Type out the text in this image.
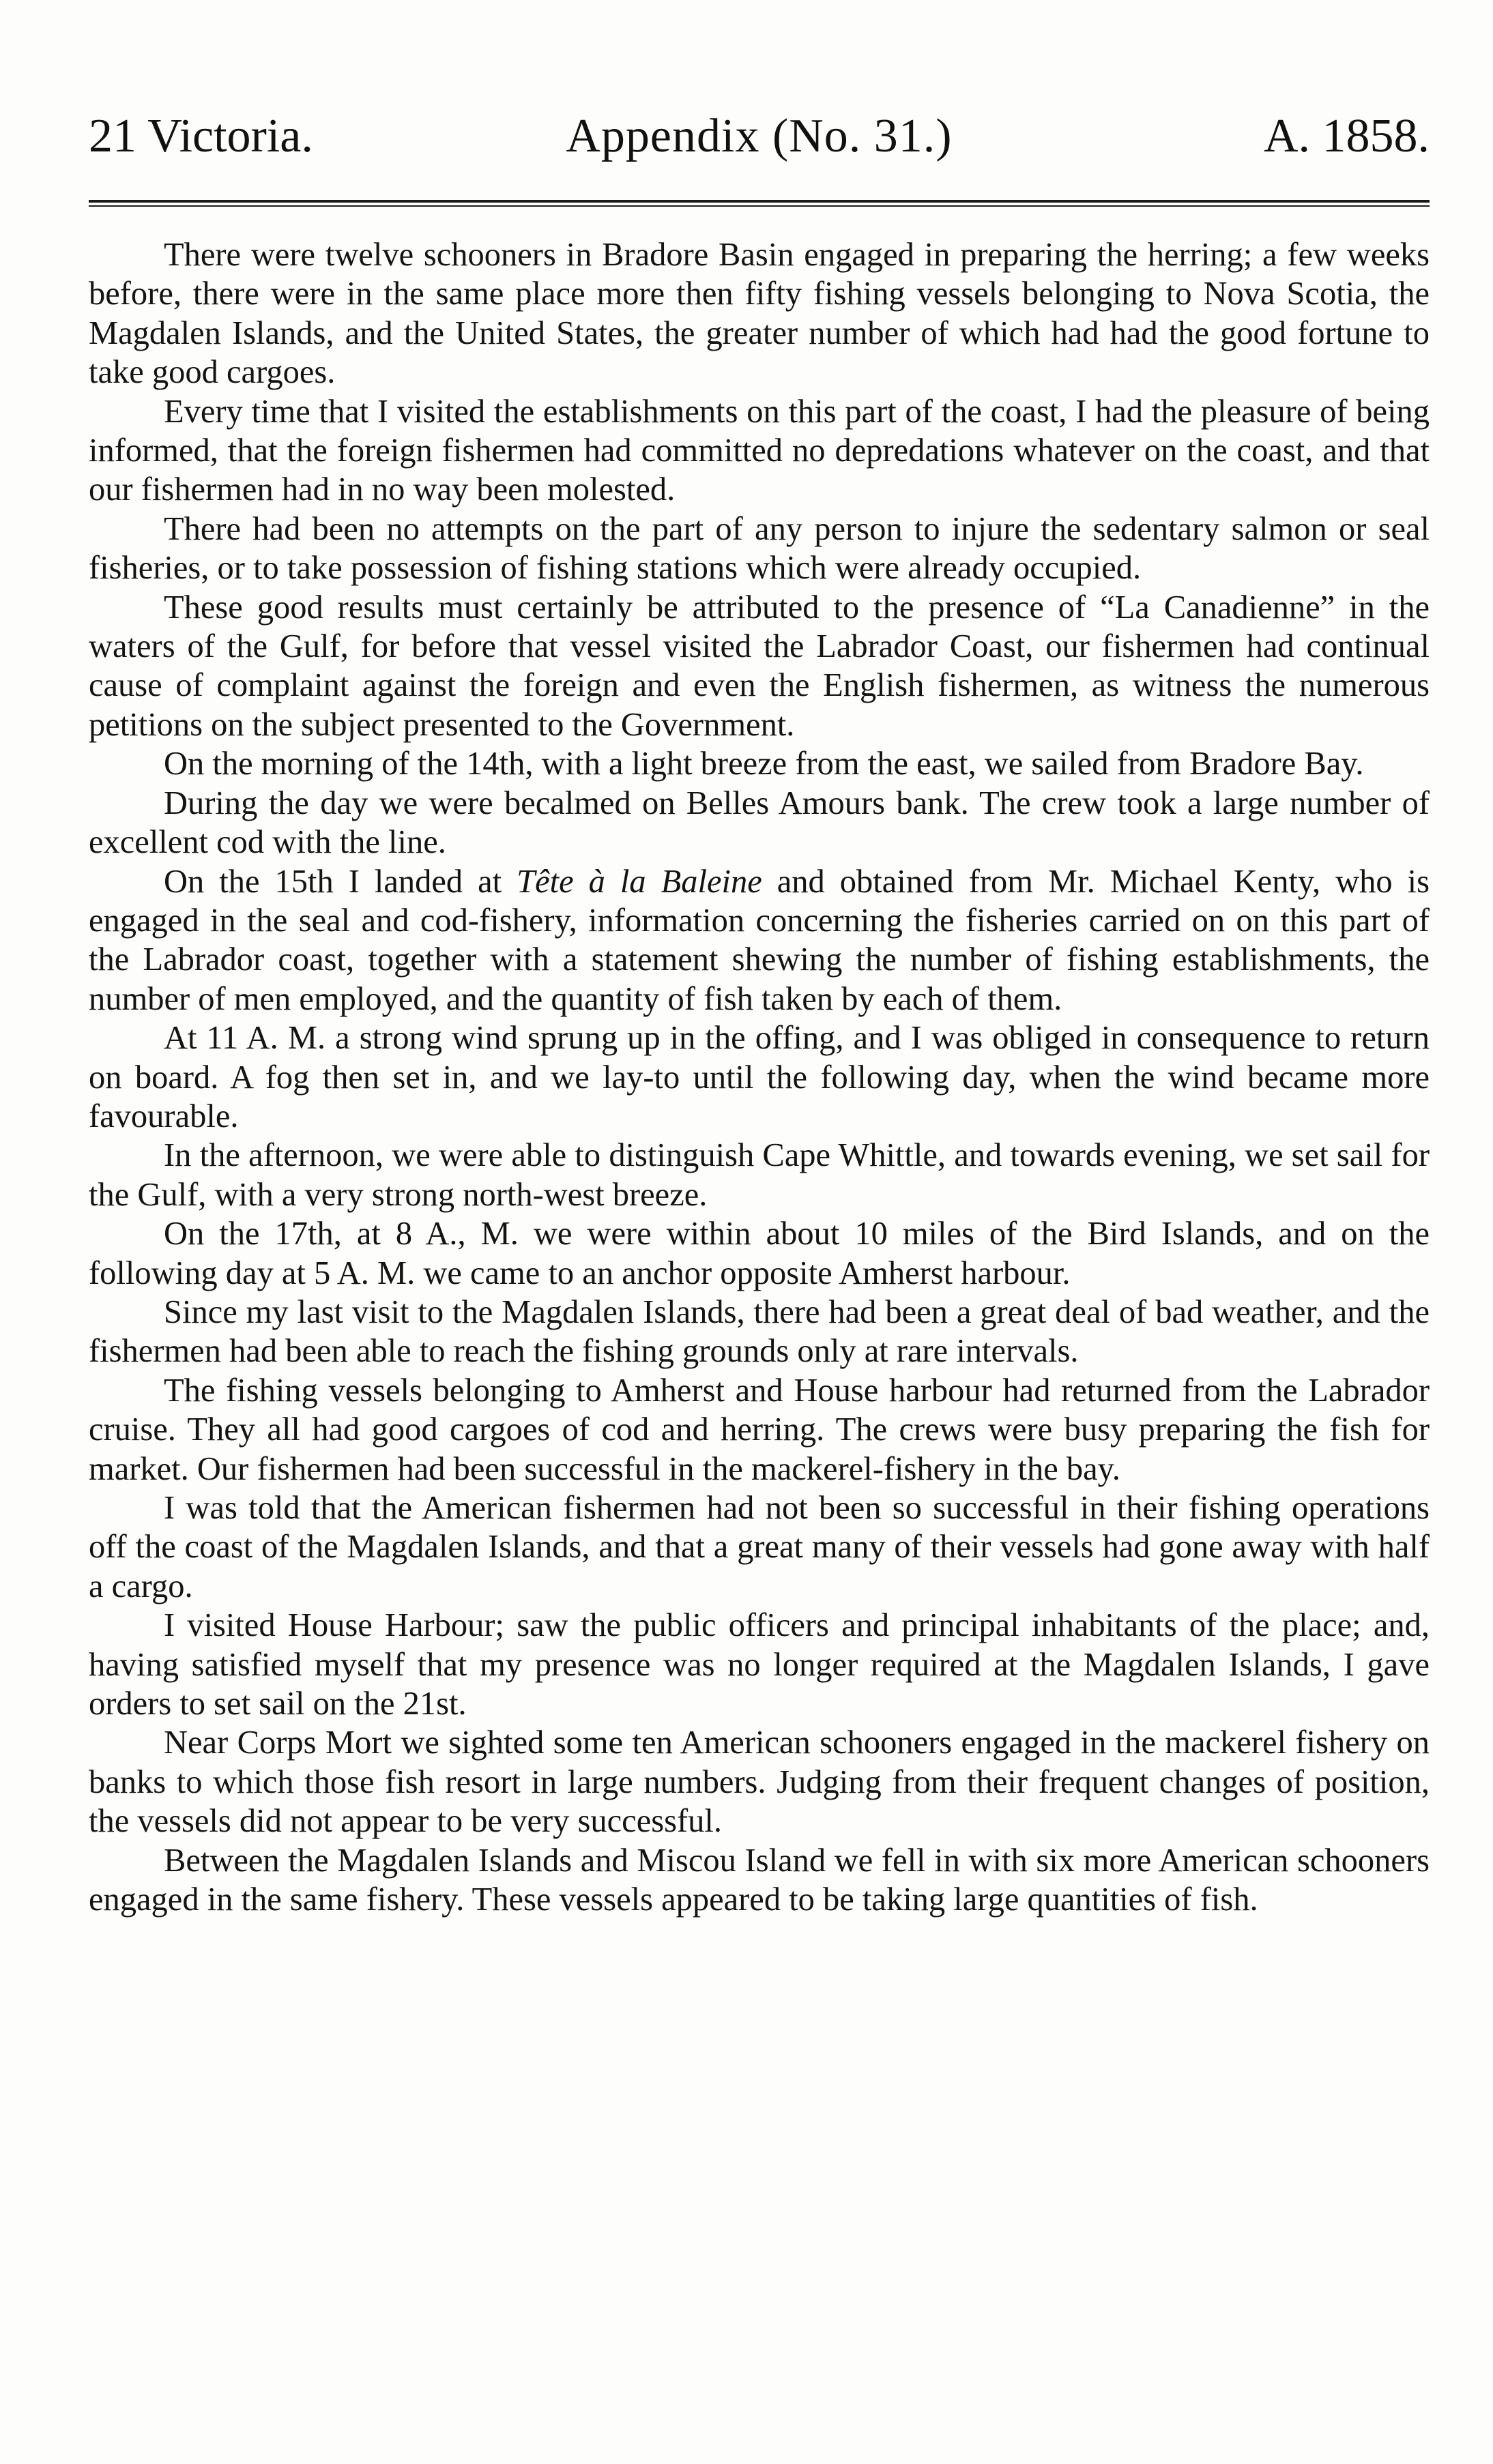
21 Victoria.	Appendix (No. 31.)	A. 1858.

There were twelve schooners in Bradore Basin engaged in preparing the herring; a few weeks before, there were in the same place more then fifty fishing vessels belonging to Nova Scotia, the Magdalen Islands, and the United States, the greater number of which had had the good fortune to take good cargoes.

Every time that I visited the establishments on this part of the coast, I had the pleasure of being informed, that the foreign fishermen had committed no depredations whatever on the coast, and that our fishermen had in no way been molested.

There had been no attempts on the part of any person to injure the sedentary salmon or seal fisheries, or to take possession of fishing stations which were already occupied.

These good results must certainly be attributed to the presence of “La Canadienne” in the waters of the Gulf, for before that vessel visited the Labrador Coast, our fishermen had continual cause of complaint against the foreign and even the English fishermen, as witness the numerous petitions on the subject presented to the Government.

On the morning of the 14th, with a light breeze from the east, we sailed from Bradore Bay.

During the day we were becalmed on Belles Amours bank. The crew took a large number of excellent cod with the line.

On the 15th I landed at Tête à la Baleine and obtained from Mr. Michael Kenty, who is engaged in the seal and cod-fishery, information concerning the fisheries carried on on this part of the Labrador coast, together with a statement shewing the number of fishing establishments, the number of men employed, and the quantity of fish taken by each of them.

At 11 A. M. a strong wind sprung up in the offing, and I was obliged in consequence to return on board. A fog then set in, and we lay-to until the following day, when the wind became more favourable.

In the afternoon, we were able to distinguish Cape Whittle, and towards evening, we set sail for the Gulf, with a very strong north-west breeze.

On the 17th, at 8 A., M. we were within about 10 miles of the Bird Islands, and on the following day at 5 A. M. we came to an anchor opposite Amherst harbour.

Since my last visit to the Magdalen Islands, there had been a great deal of bad weather, and the fishermen had been able to reach the fishing grounds only at rare intervals.

The fishing vessels belonging to Amherst and House harbour had returned from the Labrador cruise. They all had good cargoes of cod and herring. The crews were busy preparing the fish for market. Our fishermen had been successful in the mackerel-fishery in the bay.

I was told that the American fishermen had not been so successful in their fishing operations off the coast of the Magdalen Islands, and that a great many of their vessels had gone away with half a cargo.

I visited House Harbour; saw the public officers and principal inhabitants of the place; and, having satisfied myself that my presence was no longer required at the Magdalen Islands, I gave orders to set sail on the 21st.

Near Corps Mort we sighted some ten American schooners engaged in the mackerel fishery on banks to which those fish resort in large numbers. Judging from their frequent changes of position, the vessels did not appear to be very successful.

Between the Magdalen Islands and Miscou Island we fell in with six more American schooners engaged in the same fishery. These vessels appeared to be taking large quantities of fish.
